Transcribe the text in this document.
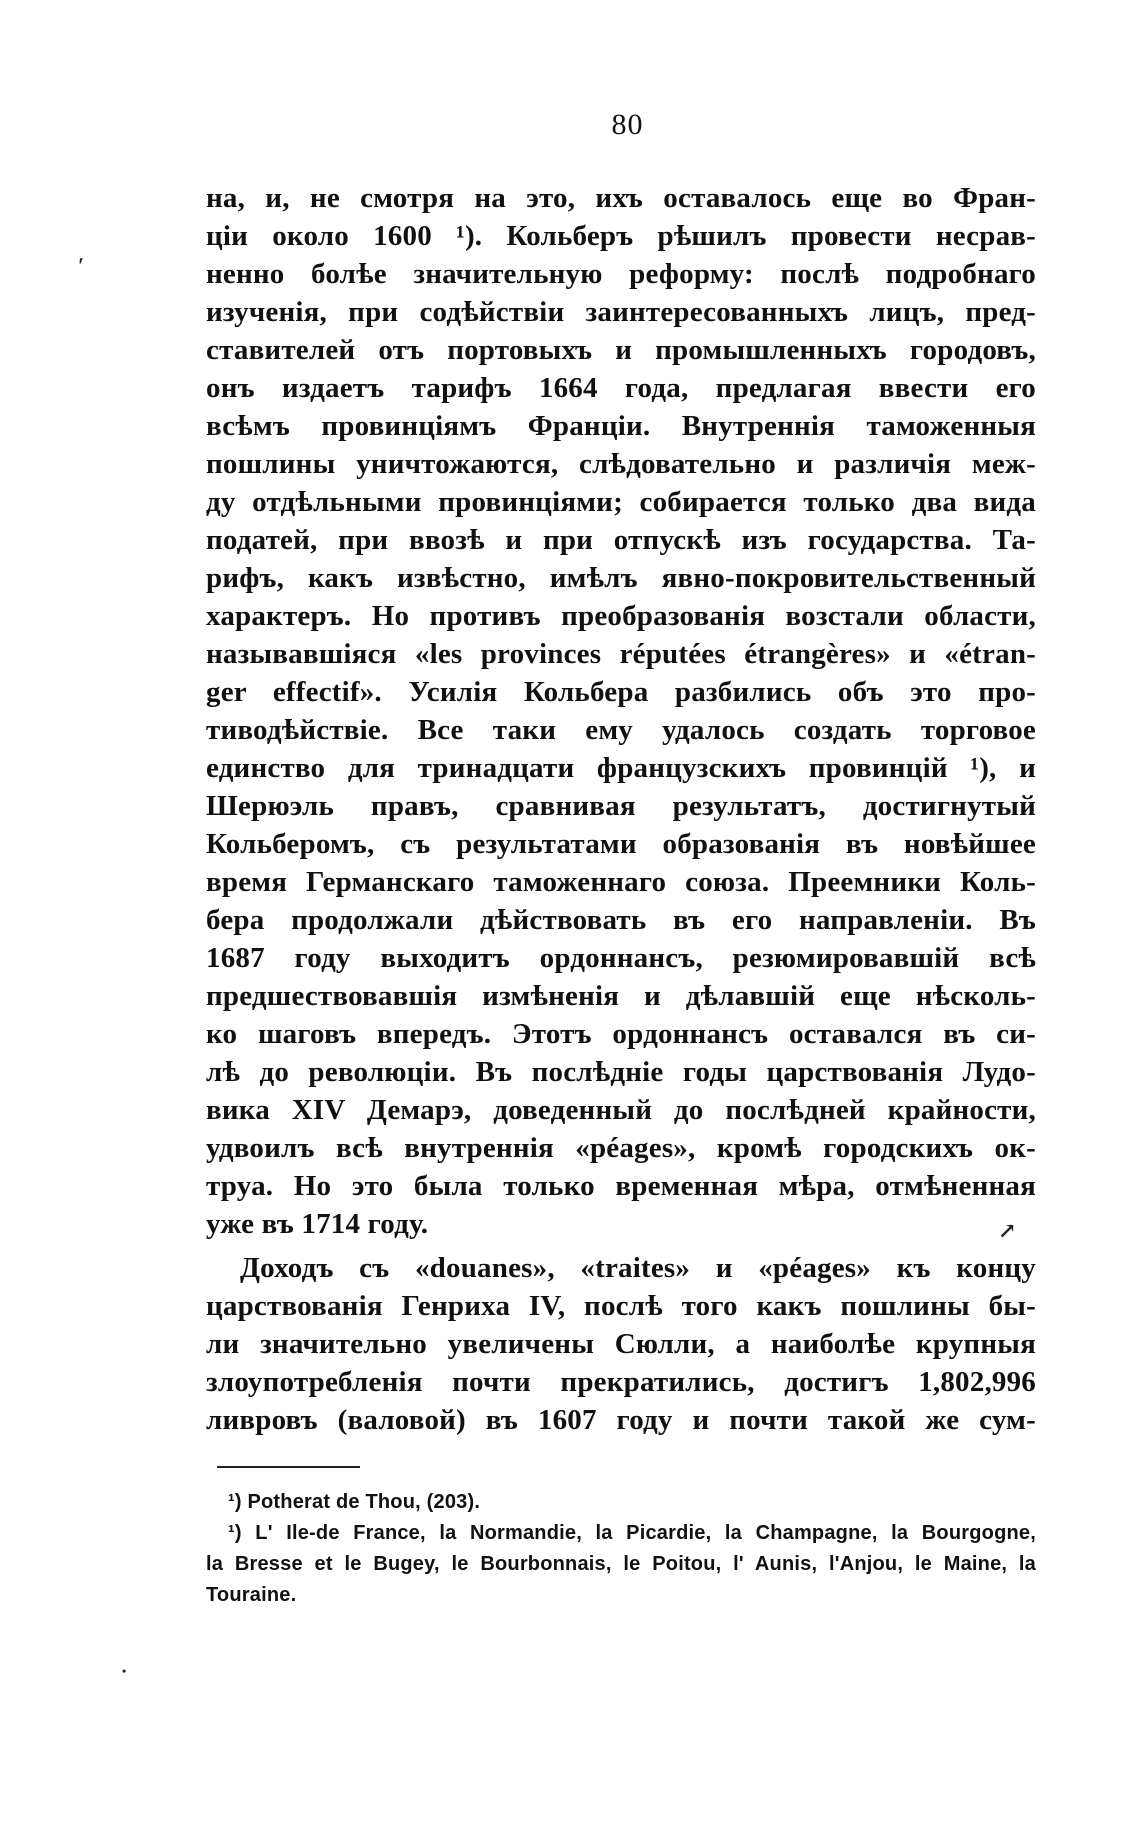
80
ʹ
↗
•
на, и, не смотря на это, ихъ оставалось еще во Фран-
ціи около 1600 ¹). Кольберъ рѣшилъ провести несрав-
ненно болѣе значительную реформу: послѣ подробнаго
изученія, при содѣйствіи заинтересованныхъ лицъ, пред-
ставителей отъ портовыхъ и промышленныхъ городовъ,
онъ издаетъ тарифъ 1664 года, предлагая ввести его
всѣмъ провинціямъ Франціи. Внутреннія таможенныя
пошлины уничтожаются, слѣдовательно и различія меж-
ду отдѣльными провинціями; собирается только два вида
податей, при ввозѣ и при отпускѣ изъ государства. Та-
рифъ, какъ извѣстно, имѣлъ явно-покровительственный
характеръ. Но противъ преобразованія возстали области,
называвшіяся «les provinces réputées étrangères» и «étran-
ger effectif». Усилія Кольбера разбились объ это про-
тиводѣйствіе. Все таки ему удалось создать торговое
единство для тринадцати французскихъ провинцій ¹), и
Шерюэль правъ, сравнивая результатъ, достигнутый
Кольберомъ, съ результатами образованія въ новѣйшее
время Германскаго таможеннаго союза. Преемники Коль-
бера продолжали дѣйствовать въ его направленіи. Въ
1687 году выходитъ ордоннансъ, резюмировавшій всѣ
предшествовавшія измѣненія и дѣлавшій еще нѣсколь-
ко шаговъ впередъ. Этотъ ордоннансъ оставался въ си-
лѣ до революціи. Въ послѣдніе годы царствованія Лудо-
вика XIV Демарэ, доведенный до послѣдней крайности,
удвоилъ всѣ внутреннія «péages», кромѣ городскихъ ок-
труа. Но это была только временная мѣра, отмѣненная
уже въ 1714 году.
Доходъ съ «douanes», «traites» и «péages» къ концу
царствованія Генриха IV, послѣ того какъ пошлины бы-
ли значительно увеличены Сюлли, а наиболѣе крупныя
злоупотребленія почти прекратились, достигъ 1,802,996
ливровъ (валовой) въ 1607 году и почти такой же сум-
¹) Potherat de Thou, (203).
¹) L' Ile-de France, la Normandie, la Picardie, la Champagne, la Bourgogne,
la Bresse et le Bugey, le Bourbonnais, le Poitou, l' Aunis, l'Anjou, le Maine, la
Touraine.
